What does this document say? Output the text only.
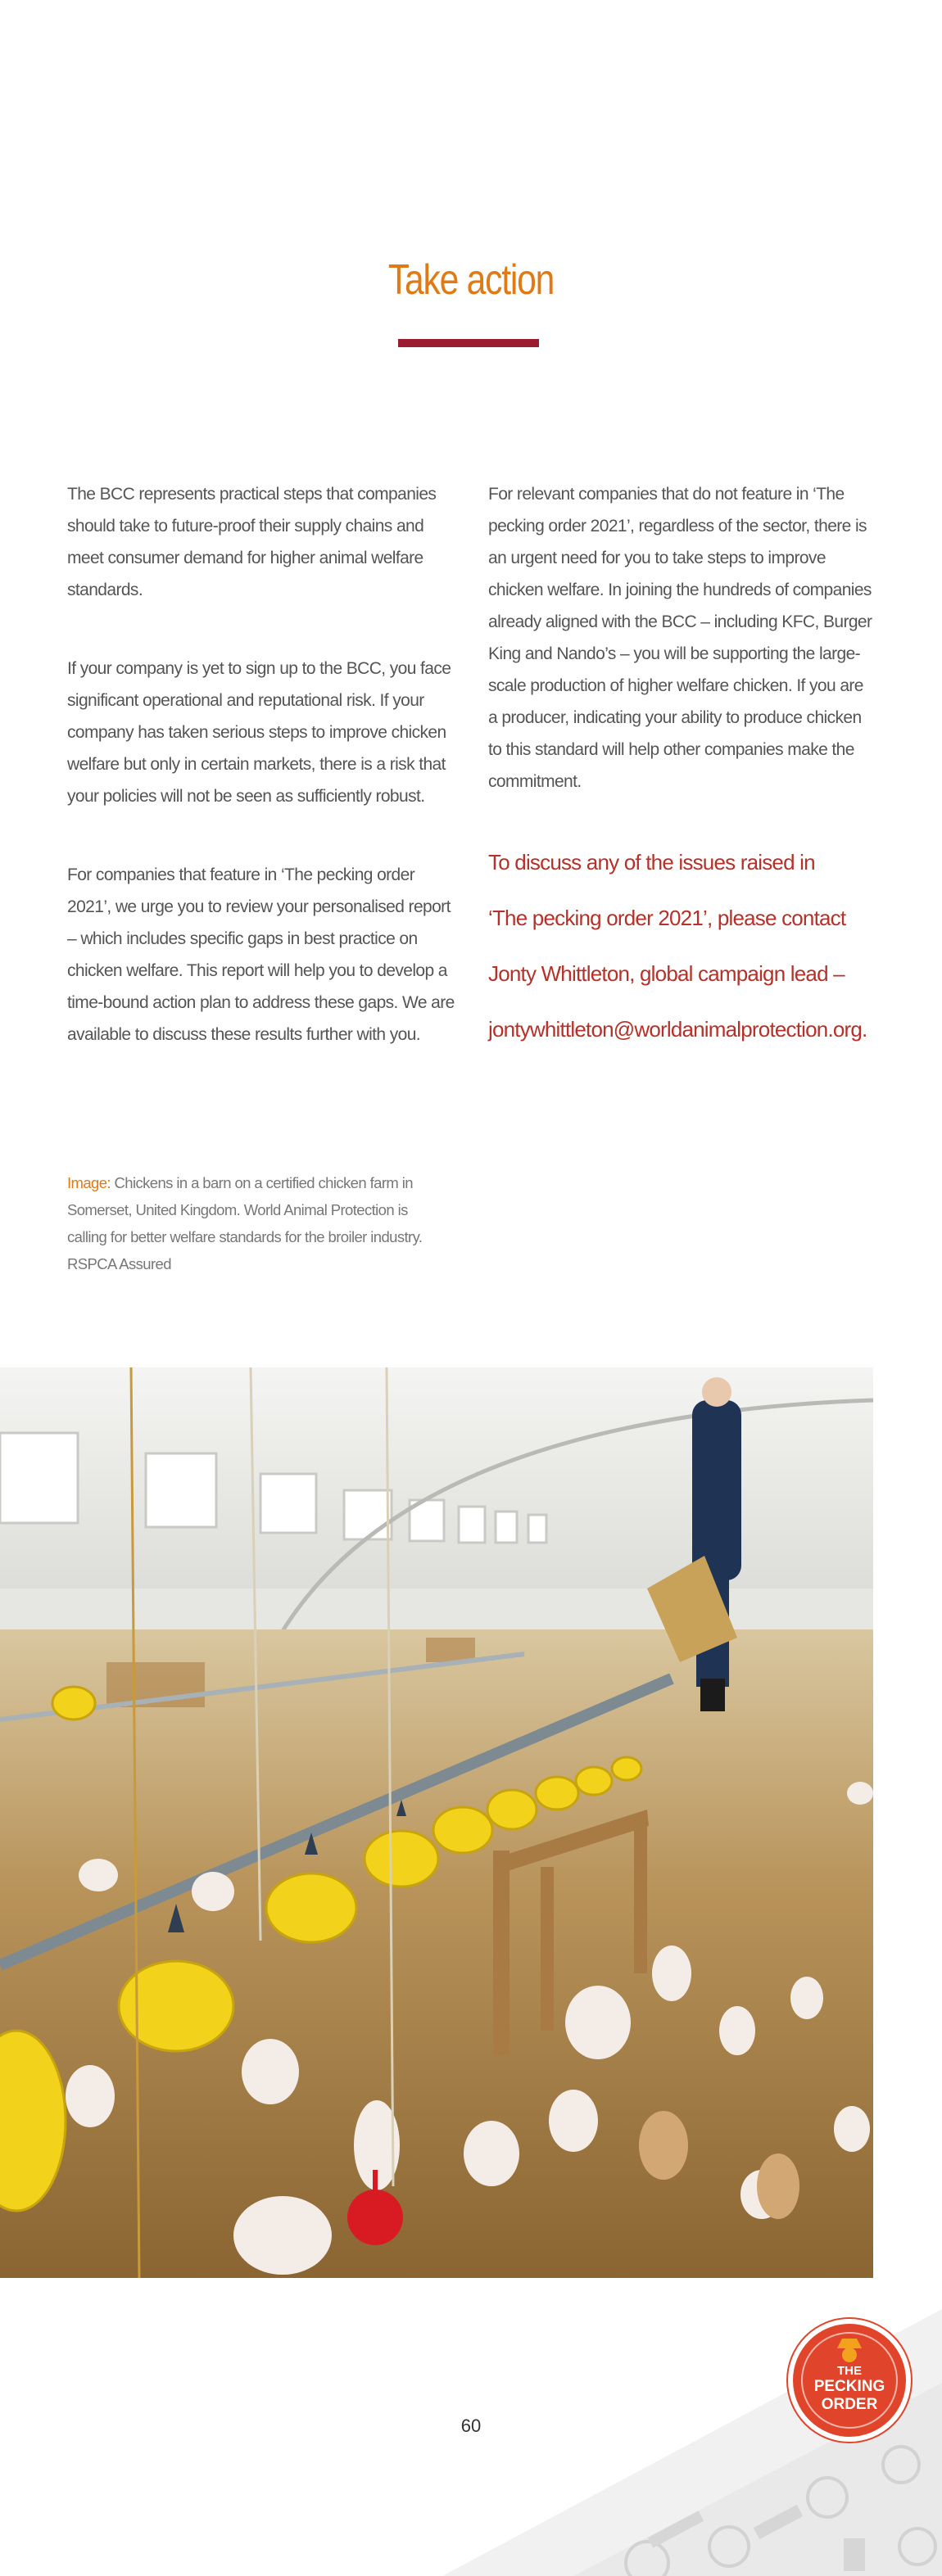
Take action

The BCC represents practical steps that companies should take to future-proof their supply chains and meet consumer demand for higher animal welfare standards.

If your company is yet to sign up to the BCC, you face significant operational and reputational risk. If your company has taken serious steps to improve chicken welfare but only in certain markets, there is a risk that your policies will not be seen as sufficiently robust.

For companies that feature in ‘The pecking order 2021’, we urge you to review your personalised report – which includes specific gaps in best practice on chicken welfare. This report will help you to develop a time-bound action plan to address these gaps. We are available to discuss these results further with you.

For relevant companies that do not feature in ‘The pecking order 2021’, regardless of the sector, there is an urgent need for you to take steps to improve chicken welfare. In joining the hundreds of companies already aligned with the BCC – including KFC, Burger King and Nando’s – you will be supporting the large-scale production of higher welfare chicken. If you are a producer, indicating your ability to produce chicken to this standard will help other companies make the commitment.

To discuss any of the issues raised in
‘The pecking order 2021’, please contact
Jonty Whittleton, global campaign lead –
jontywhittleton@worldanimalprotection.org.
Image: Chickens in a barn on a certified chicken farm in Somerset, United Kingdom. World Animal Protection is calling for better welfare standards for the broiler industry. RSPCA Assured
THE
PECKING
ORDER
60
